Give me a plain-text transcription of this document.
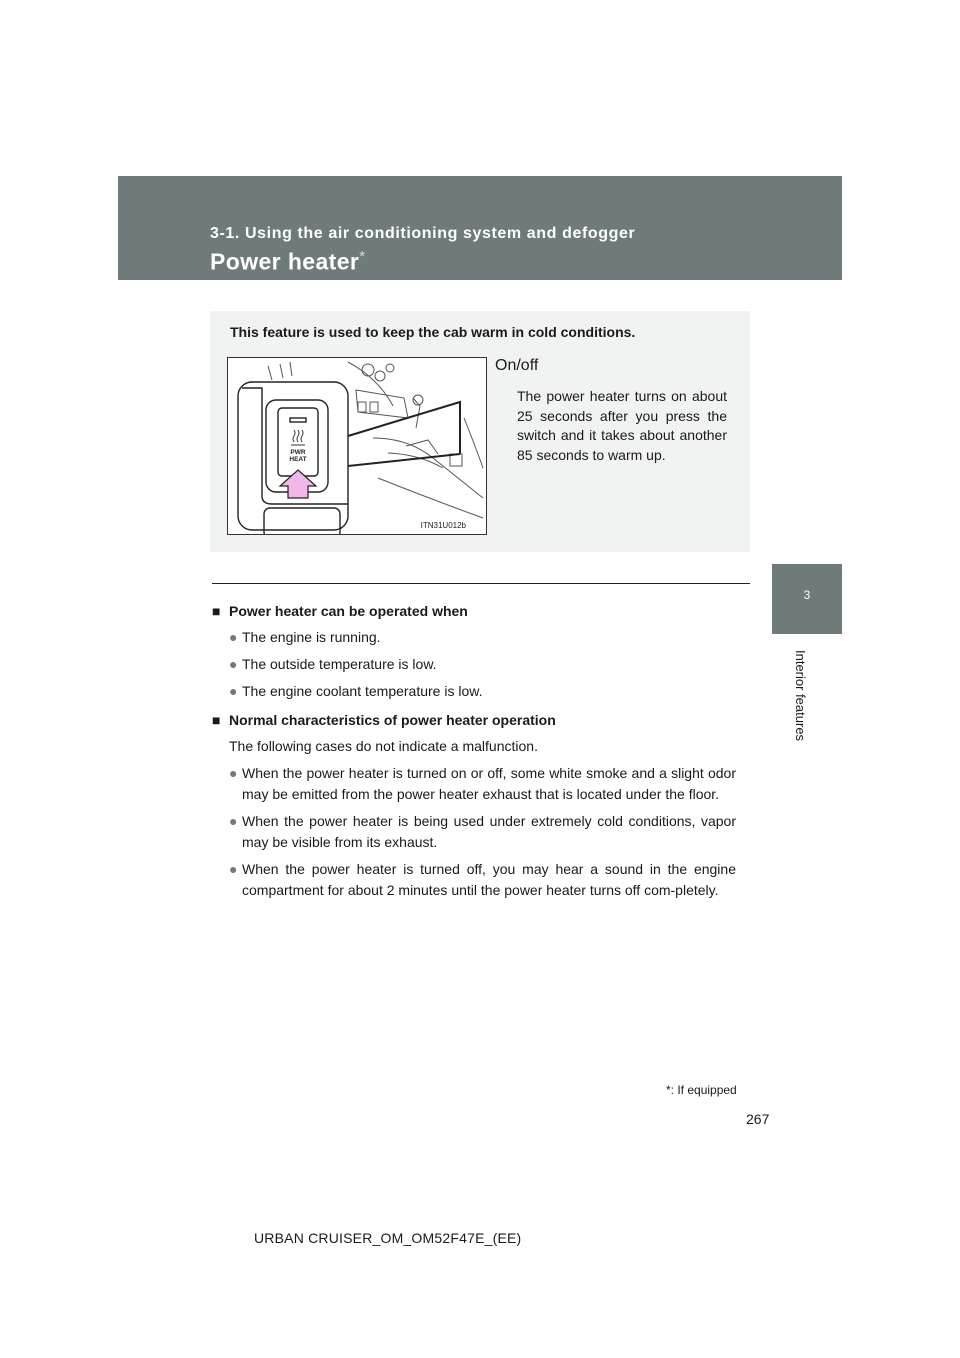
3-1. Using the air conditioning system and defogger
Power heater*
3
Interior features
This feature is used to keep the cab warm in cold conditions.
PWR
HEAT
ITN31U012b
On/off
The power heater turns on about 25 seconds after you press the switch and it takes about another 85 seconds to warm up.
■ Power heater can be operated when
● The engine is running.
● The outside temperature is low.
● The engine coolant temperature is low.
■ Normal characteristics of power heater operation
The following cases do not indicate a malfunction.
● When the power heater is turned on or off, some white smoke and a slight odor may be emitted from the power heater exhaust that is located under the floor.
● When the power heater is being used under extremely cold conditions, vapor may be visible from its exhaust.
● When the power heater is turned off, you may hear a sound in the engine compartment for about 2 minutes until the power heater turns off com-pletely.
*: If equipped
267
URBAN CRUISER_OM_OM52F47E_(EE)
